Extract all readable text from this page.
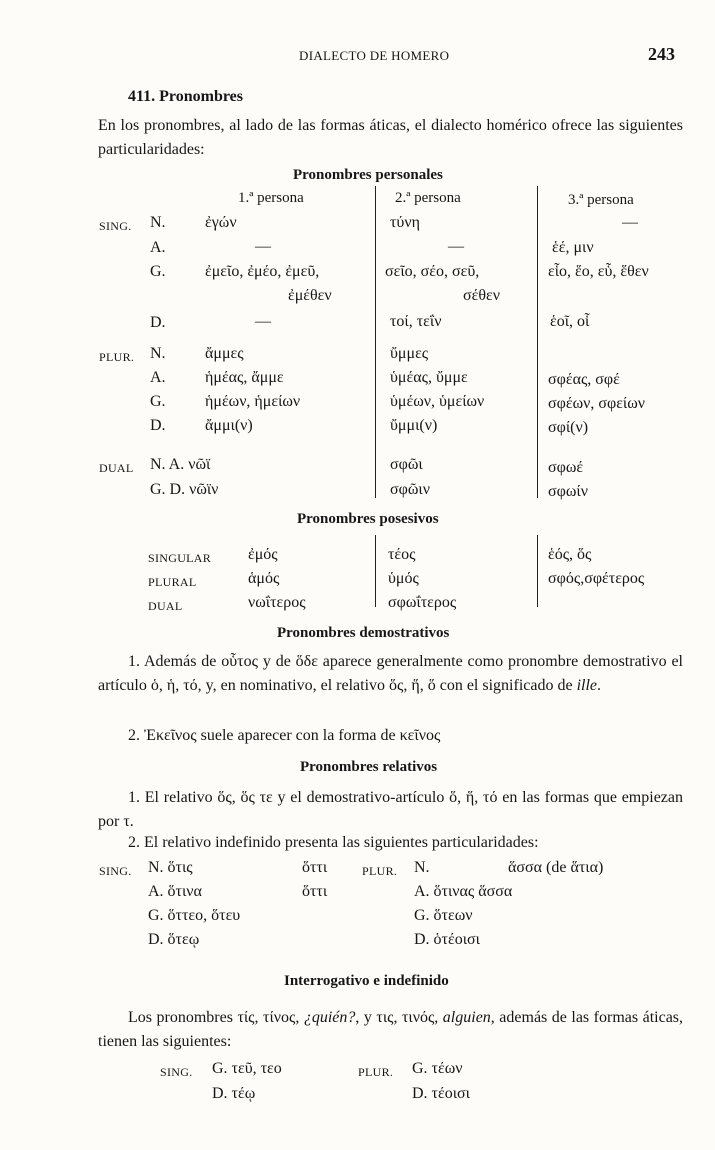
DIALECTO DE HOMERO	243
411. Pronombres
En los pronombres, al lado de las formas áticas, el dialecto homérico ofrece las siguientes particularidades:
Pronombres personales
1.ª persona	2.ª persona	3.ª persona
SING. N. ἐγών	τύνη	—
A.	—	—	ἑέ, μιν
G. ἐμεῖο, ἐμέο, ἐμεῦ,	σεῖο, σέο, σεῦ,	εἷο, ἕο, εὗ, ἕθεν
ἐμέθεν	σέθεν
D.	—	τοί, τεΐν	ἑοῖ, οἷ
PLUR. N. ἄμμες	ὔμμες
A. ἡμέας, ἄμμε	ὑμέας, ὔμμε	σφέας, σφέ
G. ἡμέων, ἡμείων	ὑμέων, ὑμείων	σφέων, σφείων
D. ἄμμι(ν)	ὔμμι(ν)	σφί(ν)
DUAL N. A. νῶϊ	σφῶι	σφωέ
G. D. νῶϊν	σφῶιν	σφωίν
Pronombres posesivos
SINGULAR ἐμός	τέος	ἑός, ὅς
PLURAL	ἁμός	ὑμός	σφός,σφέτερος
DUAL	νωΐτερος	σφωΐτερος
Pronombres demostrativos
1. Además de οὗτος y de ὅδε aparece generalmente como pronombre demostrativo el artículo ὁ, ἡ, τό, y, en nominativo, el relativo ὅς, ἥ, ὅ con el significado de ille.
2. Ἐκεῖνος suele aparecer con la forma de κεῖνος
Pronombres relativos
1. El relativo ὅς, ὅς τε y el demostrativo-artículo ὅ, ἥ, τό en las formas que empiezan por τ.
2. El relativo indefinido presenta las siguientes particularidades:
SING. N. ὅτις	ὅττι	PLUR. N.	ἅσσα (de ἅτια)
A. ὅτινα	ὅττι	A. ὅτινας ἅσσα
G. ὅττεο, ὅτευ	G. ὅτεων
D. ὅτεῳ	D. ὁτέοισι
Interrogativo e indefinido
Los pronombres τίς, τίνος, ¿quién?, y τις, τινός, alguien, además de las formas áticas, tienen las siguientes:
SING. G. τεῦ, τεο	PLUR. G. τέων
D. τέῳ	D. τέοισι
